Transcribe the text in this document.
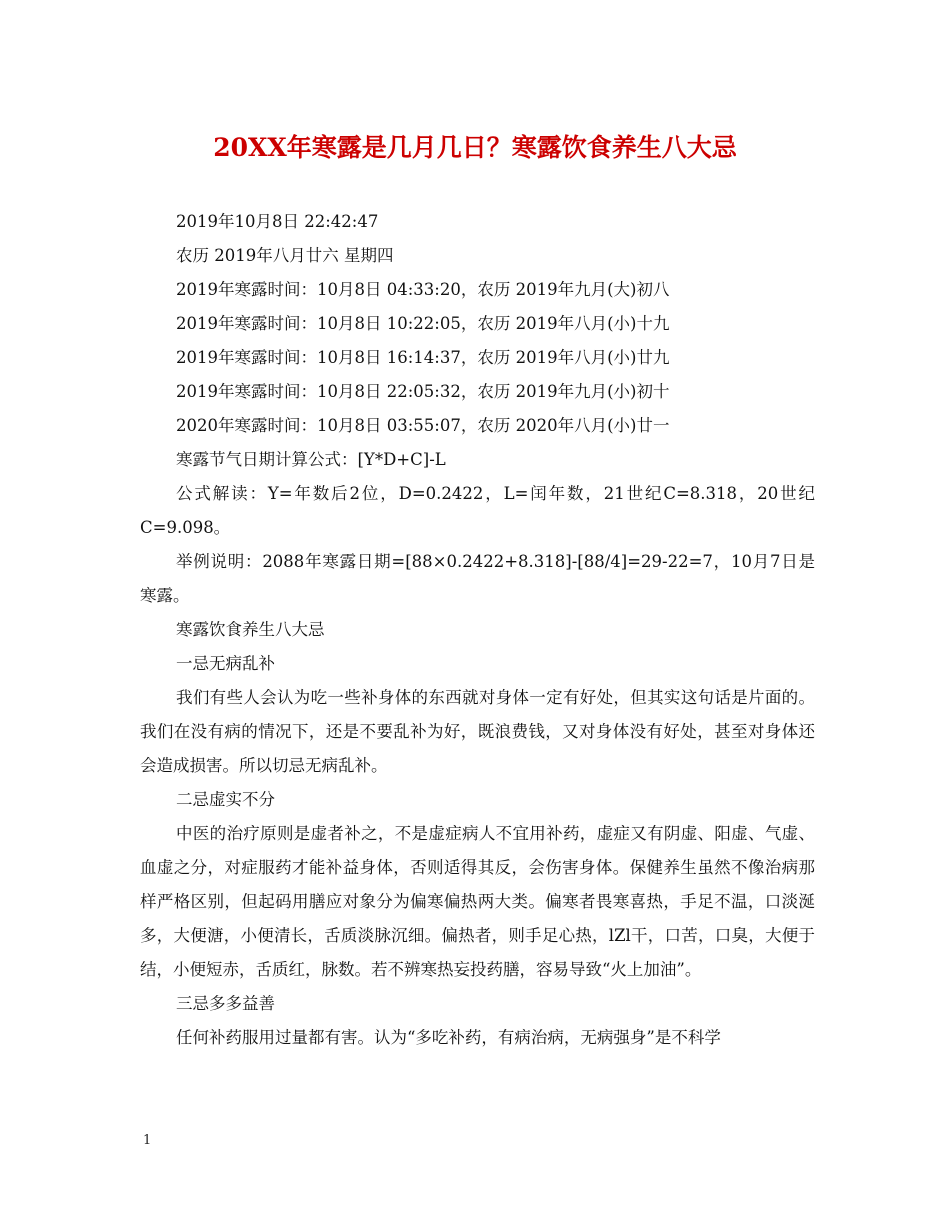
20XX年寒露是几月几日？寒露饮食养生八大忌

2019年10月8日 22:42:47

农历 2019年八月廿六 星期四

2019年寒露时间：10月8日 04:33:20，农历 2019年九月(大)初八

2019年寒露时间：10月8日 10:22:05，农历 2019年八月(小)十九

2019年寒露时间：10月8日 16:14:37，农历 2019年八月(小)廿九

2019年寒露时间：10月8日 22:05:32，农历 2019年九月(小)初十

2020年寒露时间：10月8日 03:55:07，农历 2020年八月(小)廿一

寒露节气日期计算公式：[Y*D+C]-L

公式解读：Y=年数后2位，D=0.2422，L=闰年数，21世纪C=8.318，20世纪C=9.098。

举例说明：2088年寒露日期=[88×0.2422+8.318]-[88/4]=29-22=7，10月7日是寒露。

寒露饮食养生八大忌

一忌无病乱补

我们有些人会认为吃一些补身体的东西就对身体一定有好处，但其实这句话是片面的。我们在没有病的情况下，还是不要乱补为好，既浪费钱，又对身体没有好处，甚至对身体还会造成损害。所以切忌无病乱补。

二忌虚实不分

中医的治疗原则是虚者补之，不是虚症病人不宜用补药，虚症又有阴虚、阳虚、气虚、血虚之分，对症服药才能补益身体，否则适得其反，会伤害身体。保健养生虽然不像治病那样严格区别，但起码用膳应对象分为偏寒偏热两大类。偏寒者畏寒喜热，手足不温，口淡涎多，大便溏，小便清长，舌质淡脉沉细。偏热者，则手足心热，lZl干，口苦，口臭，大便于结，小便短赤，舌质红，脉数。若不辨寒热妄投药膳，容易导致“火上加油”。

三忌多多益善

任何补药服用过量都有害。认为“多吃补药，有病治病，无病强身”是不科学

1
